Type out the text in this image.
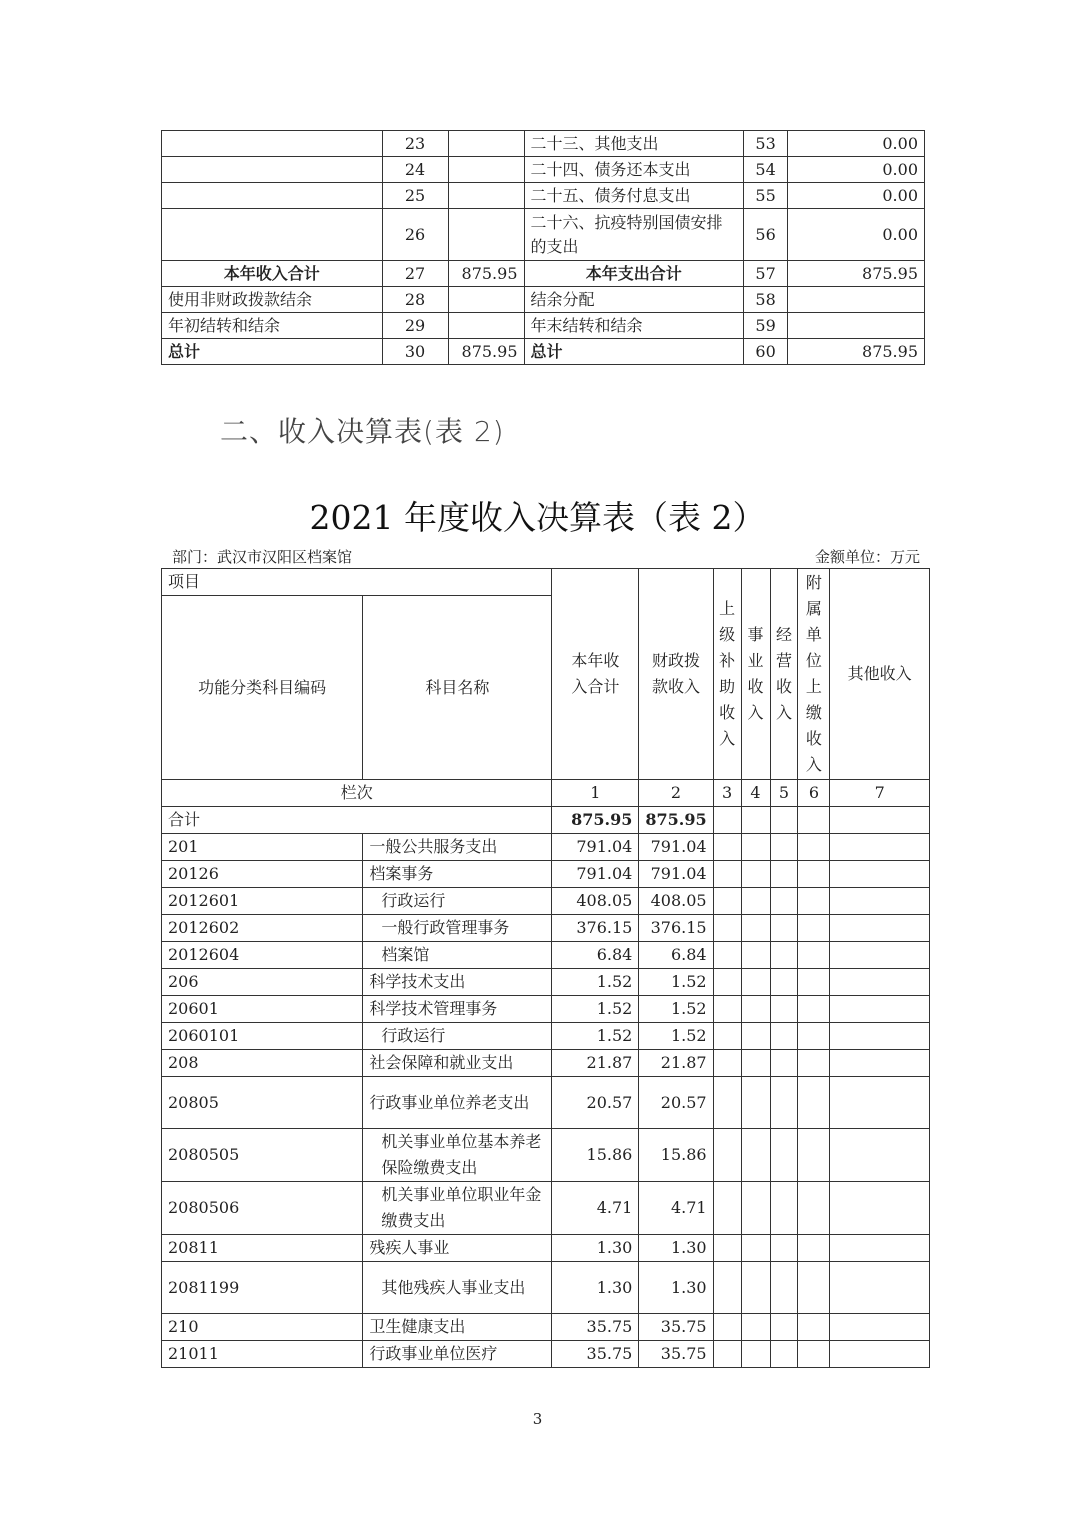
	23		二十三、其他支出	53	0.00
	24		二十四、债务还本支出	54	0.00
	25		二十五、债务付息支出	55	0.00
	26		二十六、抗疫特别国债安排的支出	56	0.00
本年收入合计	27	875.95	本年支出合计	57	875.95
使用非财政拨款结余	28		结余分配	58	
年初结转和结余	29		年末结转和结余	59	
总计	30	875.95	总计	60	875.95
二、收入决算表(表 2)
2021 年度收入决算表（表 2）
部门：武汉市汉阳区档案馆	金额单位：万元
项目		本年收入合计	财政拨款收入	上级补助收入	事业收入	经营收入	附属单位上缴收入	其他收入
功能分类科目编码	科目名称							
栏次		1	2	3	4	5	6	7
合计		875.95	875.95					
201	一般公共服务支出	791.04	791.04					
20126	档案事务	791.04	791.04					
2012601	行政运行	408.05	408.05					
2012602	一般行政管理事务	376.15	376.15					
2012604	档案馆	6.84	6.84					
206	科学技术支出	1.52	1.52					
20601	科学技术管理事务	1.52	1.52					
2060101	行政运行	1.52	1.52					
208	社会保障和就业支出	21.87	21.87					
20805	行政事业单位养老支出	20.57	20.57					
2080505	机关事业单位基本养老保险缴费支出	15.86	15.86					
2080506	机关事业单位职业年金缴费支出	4.71	4.71					
20811	残疾人事业	1.30	1.30					
2081199	其他残疾人事业支出	1.30	1.30					
210	卫生健康支出	35.75	35.75					
21011	行政事业单位医疗	35.75	35.75					
3
